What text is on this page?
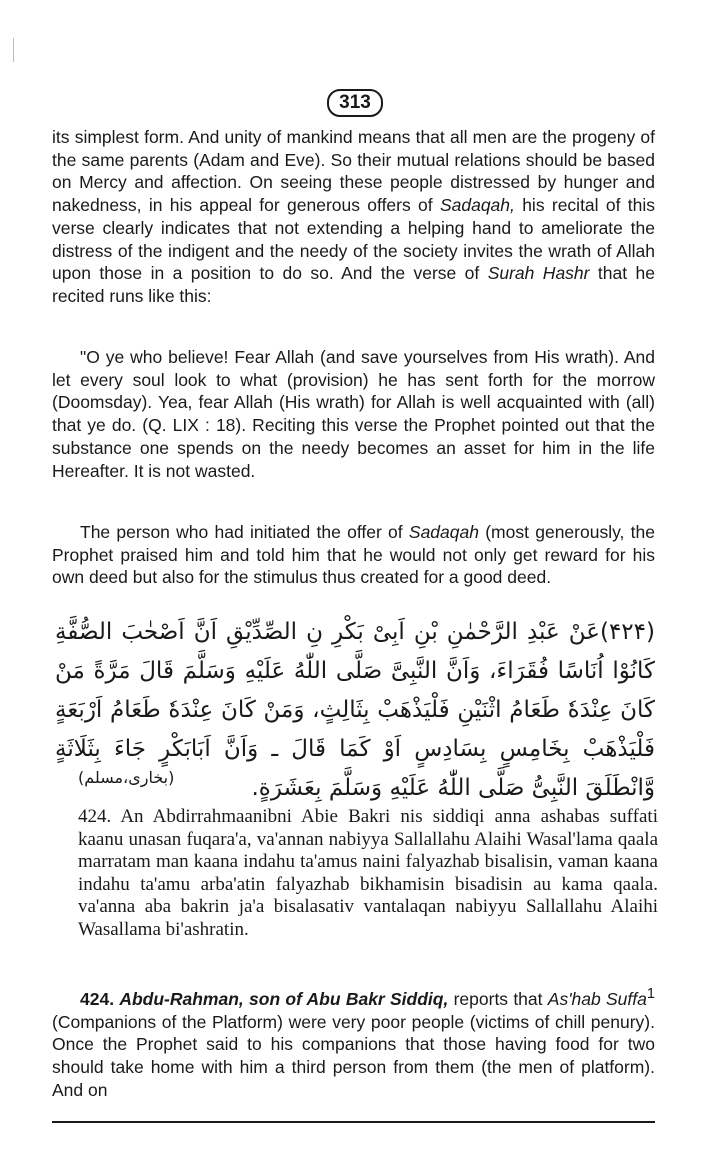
313

its simplest form. And unity of mankind means that all men are the progeny of the same parents (Adam and Eve). So their mutual relations should be based on Mercy and affection. On seeing these people distressed by hunger and nakedness, in his appeal for generous offers of Sadaqah, his recital of this verse clearly indicates that not extending a helping hand to ameliorate the distress of the indigent and the needy of the society invites the wrath of Allah upon those in a position to do so. And the verse of Surah Hashr that he recited runs like this:

"O ye who believe! Fear Allah (and save yourselves from His wrath). And let every soul look to what (provision) he has sent forth for the morrow (Doomsday). Yea, fear Allah (His wrath) for Allah is well acquainted with (all) that ye do. (Q. LIX : 18). Reciting this verse the Prophet pointed out that the substance one spends on the needy becomes an asset for him in the life Hereafter. It is not wasted.

The person who had initiated the offer of Sadaqah (most generously, the Prophet praised him and told him that he would not only get reward for his own deed but also for the stimulus thus created for a good deed.

(۴۲۴)عَنْ عَبْدِ الرَّحْمٰنِ بْنِ اَبِیْ بَکْرِ نِ الصِّدِّیْقِ اَنَّ اَصْحٰبَ الصُّفَّةِ کَانُوْا اُنَاسًا فُقَرَاءَ، وَاَنَّ النَّبِیَّ صَلَّی اللّٰهُ عَلَیْهِ وَسَلَّمَ قَالَ مَرَّةً مَنْ کَانَ عِنْدَهٗ طَعَامُ اثْنَیْنِ فَلْیَذْهَبْ بِثَالِثٍ، وَمَنْ کَانَ عِنْدَهٗ طَعَامُ اَرْبَعَةٍ فَلْیَذْهَبْ بِخَامِسٍ بِسَادِسٍ اَوْ کَمَا قَالَ ـ وَاَنَّ اَبَابَکْرٍ جَاءَ بِثَلَاثَةٍ وَّانْطَلَقَ النَّبِیُّ صَلَّی اللّٰهُ عَلَیْهِ وَسَلَّمَ بِعَشَرَةٍ.
(بخاری،مسلم)

424. An Abdirrahmaanibni Abie Bakri nis siddiqi anna ashabas suffati kaanu unasan fuqara'a, va'annan nabiyya Sallallahu Alaihi Wasal'lama qaala marratam man kaana indahu ta'amus naini falyazhab bisalisin, vaman kaana indahu ta'amu arba'atin falyazhab bikhamisin bisadisin au kama qaala. va'anna aba bakrin ja'a bisalasativ vantalaqan nabiyyu Sallallahu Alaihi Wasallama bi'ashratin.

424. Abdu-Rahman, son of Abu Bakr Siddiq, reports that As'hab Suffa$^1$ (Companions of the Platform) were very poor people (victims of chill penury). Once the Prophet said to his companions that those having food for two should take home with him a third person from them (the men of platform). And on
